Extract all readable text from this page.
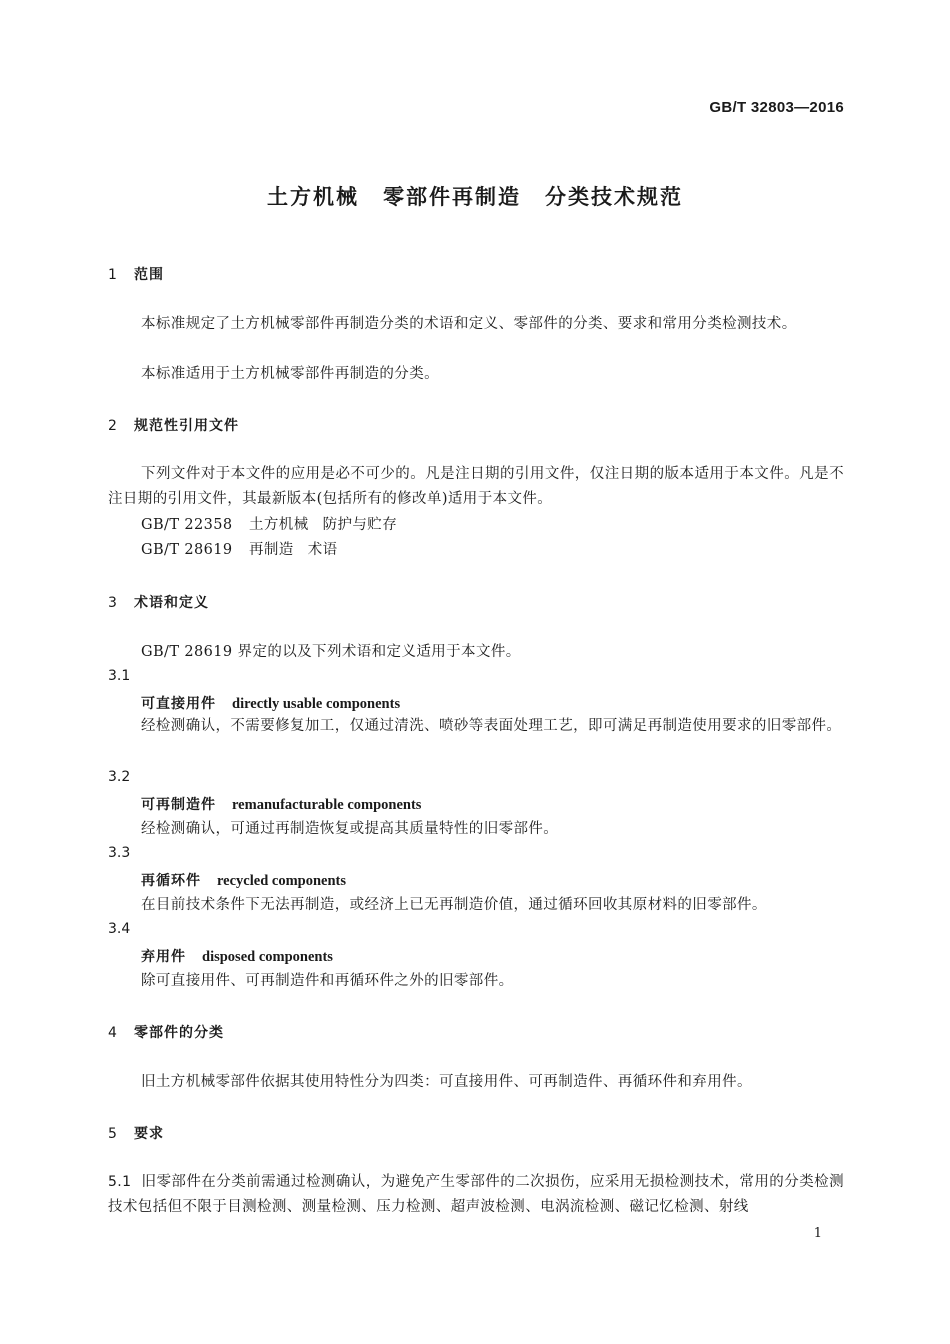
GB/T 32803—2016
土方机械 零部件再制造 分类技术规范
1 范围
本标准规定了土方机械零部件再制造分类的术语和定义、零部件的分类、要求和常用分类检测技术。
本标准适用于土方机械零部件再制造的分类。
2 规范性引用文件
下列文件对于本文件的应用是必不可少的。凡是注日期的引用文件，仅注日期的版本适用于本文件。凡是不注日期的引用文件，其最新版本(包括所有的修改单)适用于本文件。
GB/T 22358 土方机械 防护与贮存
GB/T 28619 再制造 术语
3 术语和定义
GB/T 28619 界定的以及下列术语和定义适用于本文件。
3.1
可直接用件 directly usable components
经检测确认，不需要修复加工，仅通过清洗、喷砂等表面处理工艺，即可满足再制造使用要求的旧零部件。
3.2
可再制造件 remanufacturable components
经检测确认，可通过再制造恢复或提高其质量特性的旧零部件。
3.3
再循环件 recycled components
在目前技术条件下无法再制造，或经济上已无再制造价值，通过循环回收其原材料的旧零部件。
3.4
弃用件 disposed components
除可直接用件、可再制造件和再循环件之外的旧零部件。
4 零部件的分类
旧土方机械零部件依据其使用特性分为四类：可直接用件、可再制造件、再循环件和弃用件。
5 要求
5.1 旧零部件在分类前需通过检测确认，为避免产生零部件的二次损伤，应采用无损检测技术，常用的分类检测技术包括但不限于目测检测、测量检测、压力检测、超声波检测、电涡流检测、磁记忆检测、射线
1
